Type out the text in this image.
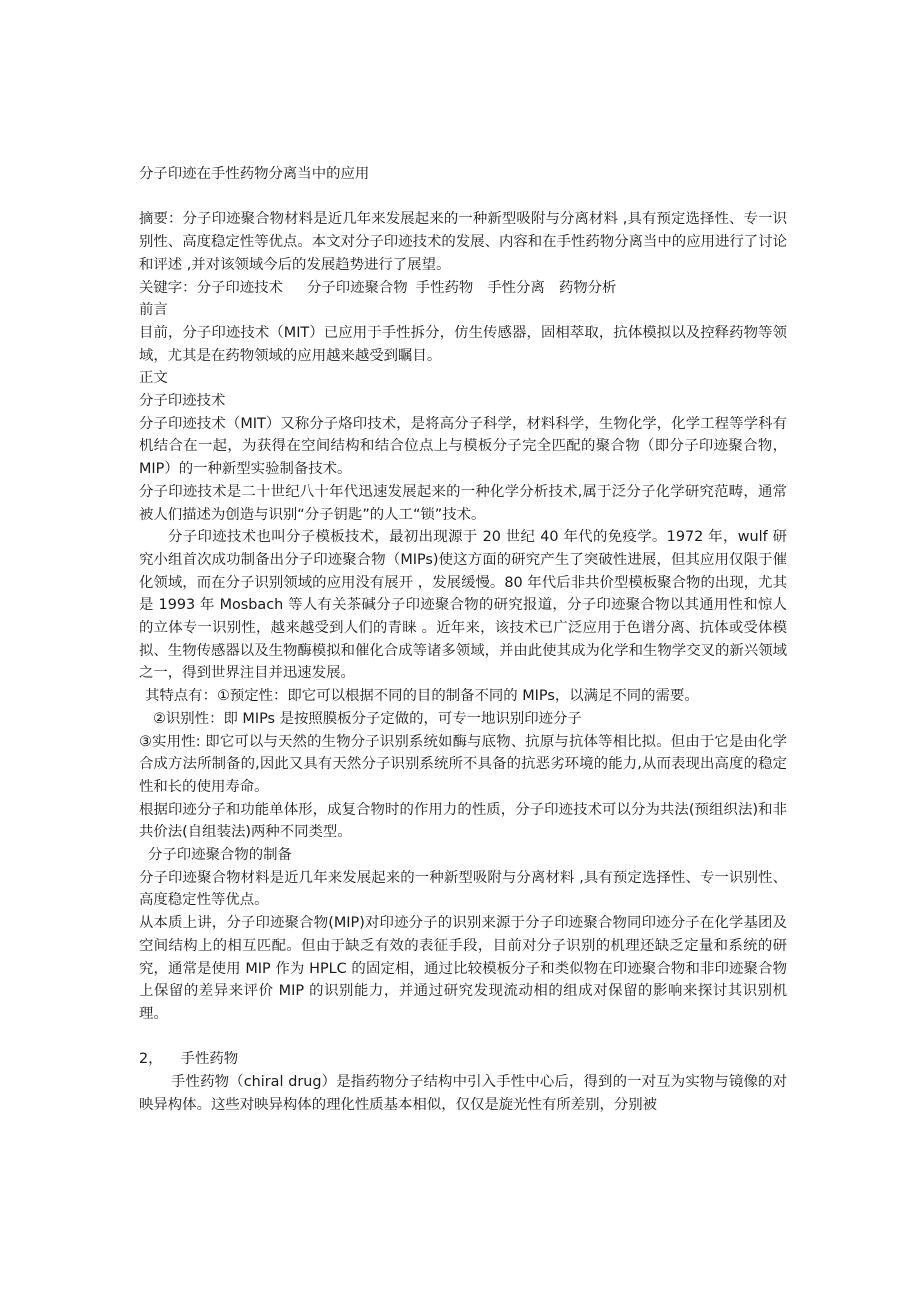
分子印迹在手性药物分离当中的应用

摘要：分子印迹聚合物材料是近几年来发展起来的一种新型吸附与分离材料 ,具有预定选择性、专一识别性、高度稳定性等优点。本文对分子印迹技术的发展、内容和在手性药物分离当中的应用进行了讨论和评述 ,并对该领域今后的发展趋势进行了展望。

关键字：分子印迹技术 分子印迹聚合物 手性药物 手性分离 药物分析

前言

目前，分子印迹技术（MIT）已应用于手性拆分，仿生传感器，固相萃取，抗体模拟以及控释药物等领域，尤其是在药物领域的应用越来越受到瞩目。

正文

分子印迹技术

分子印迹技术（MIT）又称分子烙印技术，是将高分子科学，材料科学，生物化学，化学工程等学科有机结合在一起，为获得在空间结构和结合位点上与模板分子完全匹配的聚合物（即分子印迹聚合物，MIP）的一种新型实验制备技术。

分子印迹技术是二十世纪八十年代迅速发展起来的一种化学分析技术,属于泛分子化学研究范畴，通常被人们描述为创造与识别“分子钥匙”的人工“锁”技术。

分子印迹技术也叫分子模板技术，最初出现源于 20 世纪 40 年代的免疫学。1972 年，wulf 研究小组首次成功制备出分子印迹聚合物（MIPs)使这方面的研究产生了突破性进展，但其应用仅限于催化领域，而在分子识别领域的应用没有展开 ，发展缓慢。80 年代后非共价型模板聚合物的出现，尤其是 1993 年 Mosbach 等人有关茶碱分子印迹聚合物的研究报道，分子印迹聚合物以其通用性和惊人的立体专一识别性，越来越受到人们的青睐 。近年来，该技术已广泛应用于色谱分离、抗体或受体模拟、生物传感器以及生物酶模拟和催化合成等诸多领域，并由此使其成为化学和生物学交叉的新兴领域之一，得到世界注目并迅速发展。

其特点有：①预定性：即它可以根据不同的目的制备不同的 MIPs，以满足不同的需要。

②识别性：即 MIPs 是按照膜板分子定做的，可专一地识别印迹分子

③实用性: 即它可以与天然的生物分子识别系统如酶与底物、抗原与抗体等相比拟。但由于它是由化学合成方法所制备的,因此又具有天然分子识别系统所不具备的抗恶劣环境的能力,从而表现出高度的稳定性和长的使用寿命。

根据印迹分子和功能单体形，成复合物时的作用力的性质，分子印迹技术可以分为共法(预组织法)和非共价法(自组装法)两种不同类型。

分子印迹聚合物的制备

分子印迹聚合物材料是近几年来发展起来的一种新型吸附与分离材料 ,具有预定选择性、专一识别性、高度稳定性等优点。

从本质上讲，分子印迹聚合物(MIP)对印迹分子的识别来源于分子印迹聚合物同印迹分子在化学基团及空间结构上的相互匹配。但由于缺乏有效的表征手段，目前对分子识别的机理还缺乏定量和系统的研究，通常是使用 MIP 作为 HPLC 的固定相，通过比较模板分子和类似物在印迹聚合物和非印迹聚合物上保留的差异来评价 MIP 的识别能力，并通过研究发现流动相的组成对保留的影响来探讨其识别机理。

2， 手性药物

手性药物（chiral drug）是指药物分子结构中引入手性中心后，得到的一对互为实物与镜像的对映异构体。这些对映异构体的理化性质基本相似，仅仅是旋光性有所差别，分别被
